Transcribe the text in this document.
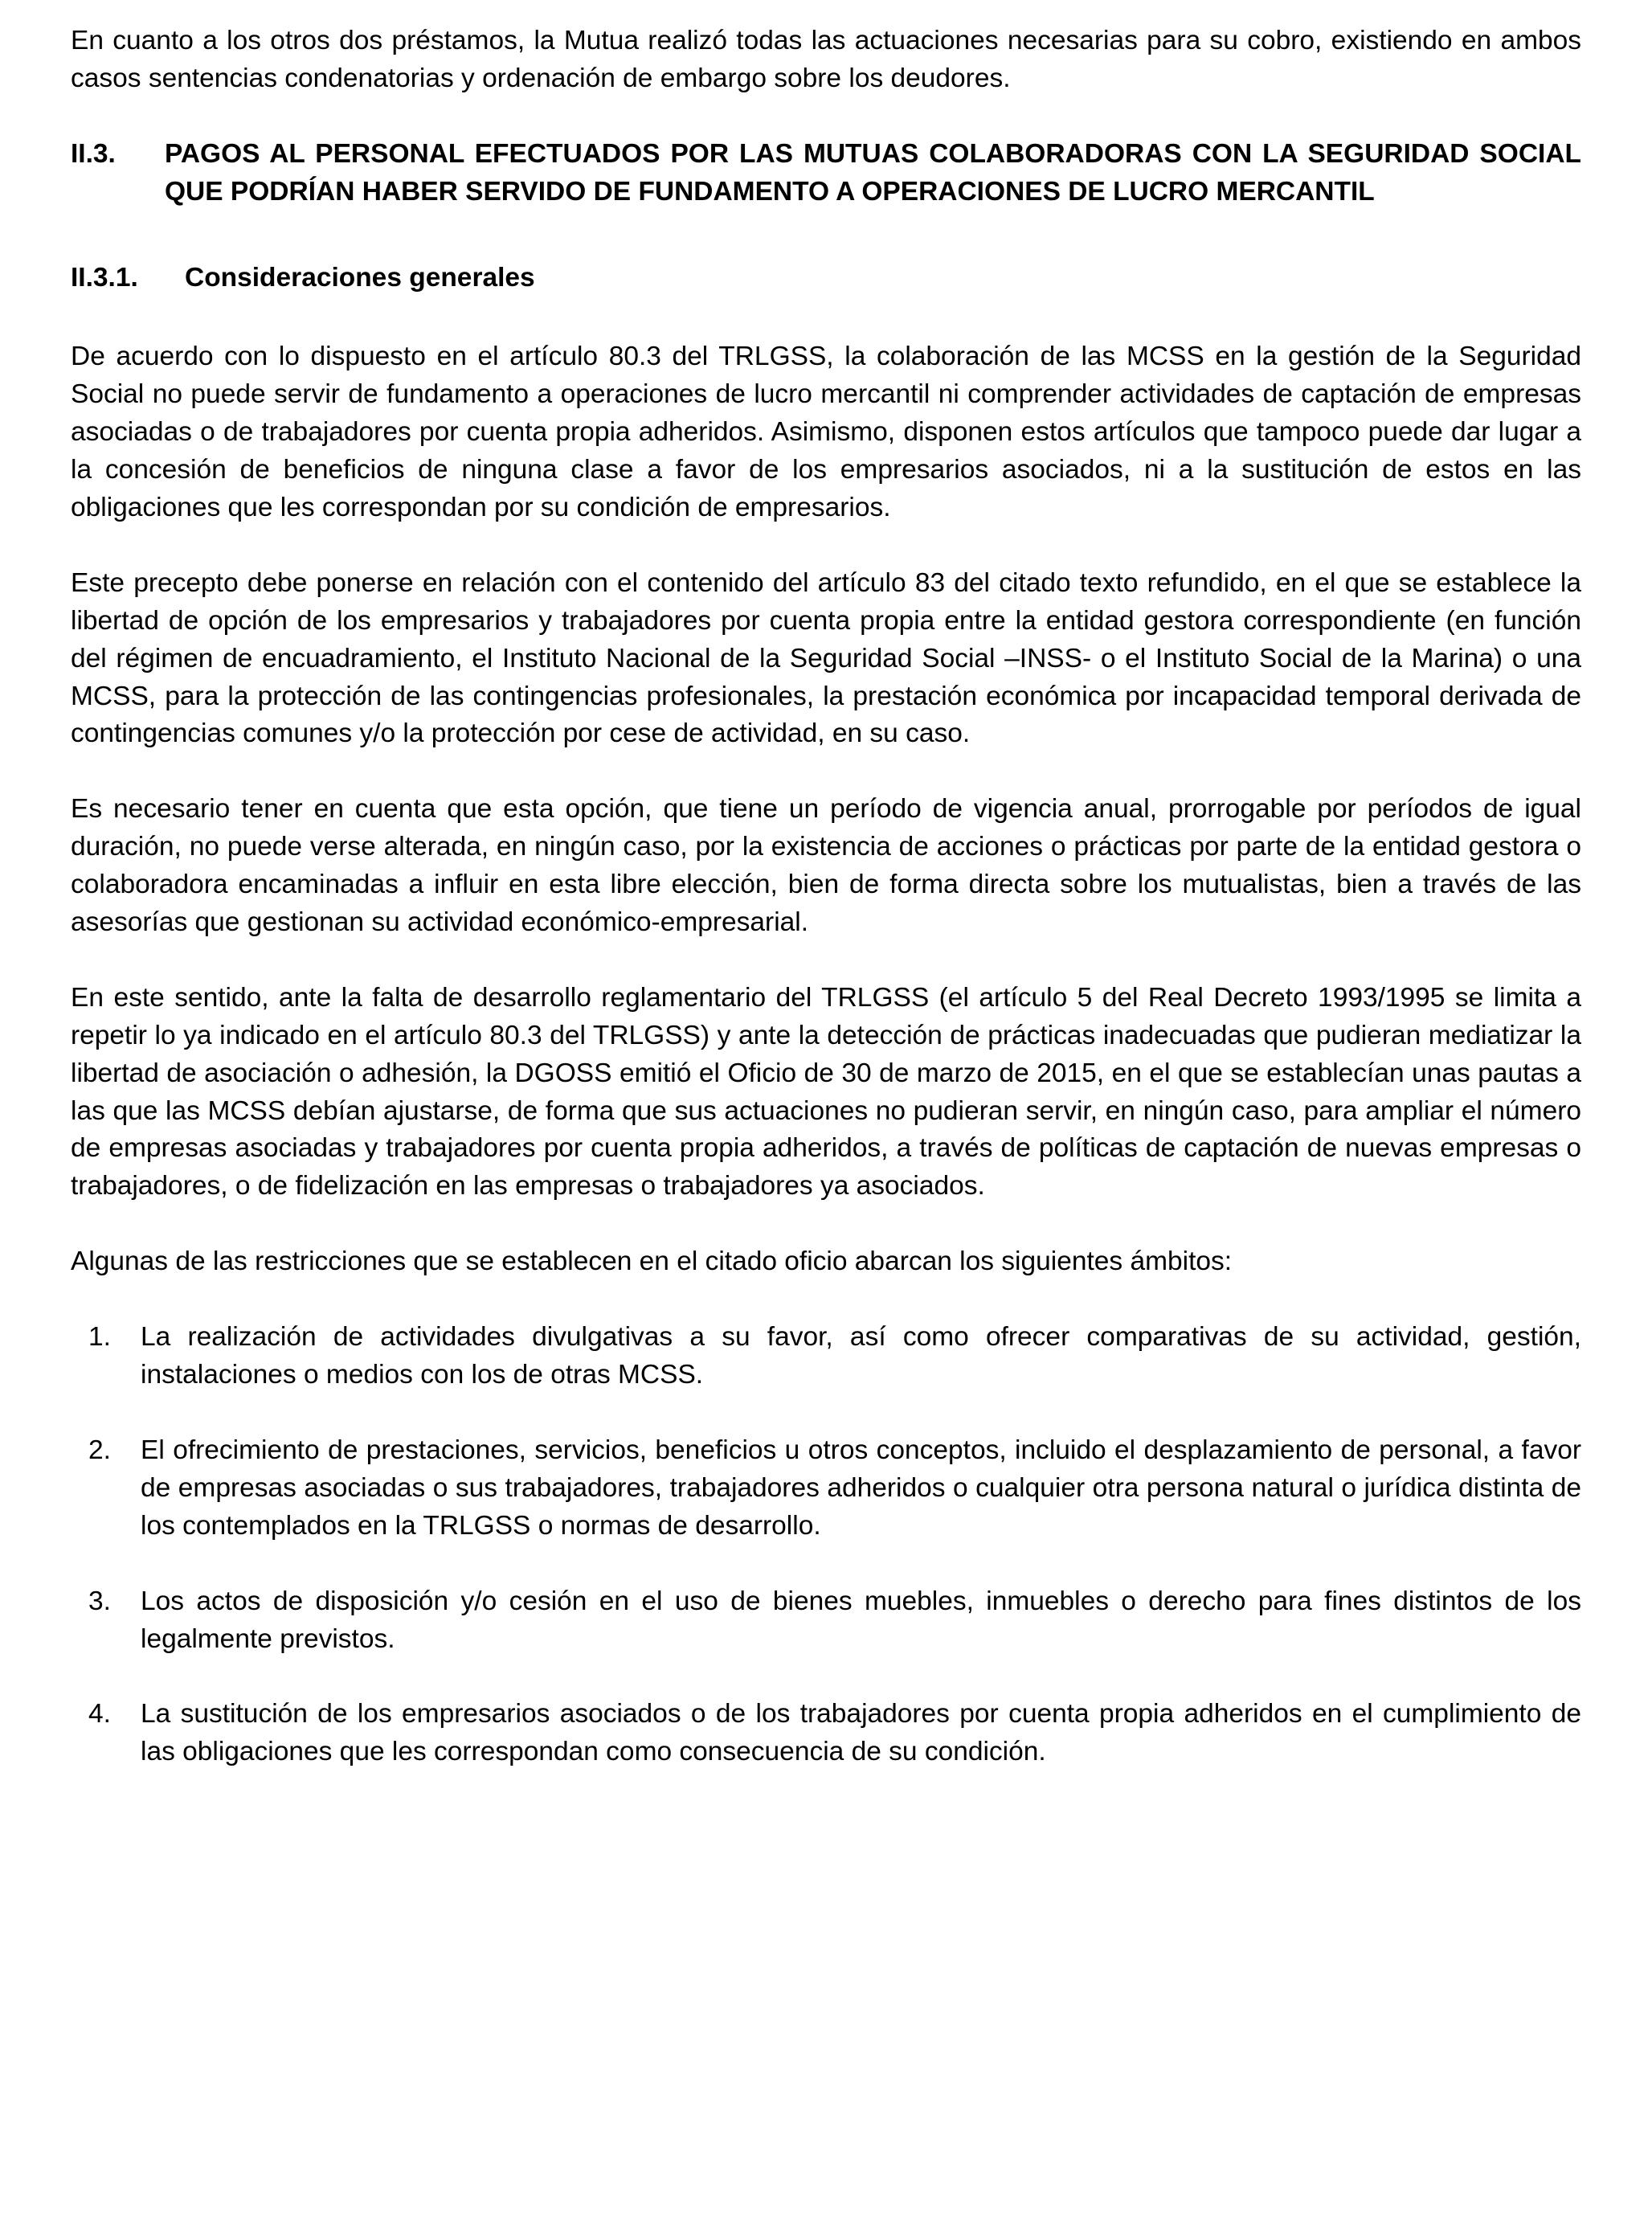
En cuanto a los otros dos préstamos, la Mutua realizó todas las actuaciones necesarias para su cobro, existiendo en ambos casos sentencias condenatorias y ordenación de embargo sobre los deudores.

II.3.	PAGOS AL PERSONAL EFECTUADOS POR LAS MUTUAS COLABORADORAS CON LA SEGURIDAD SOCIAL QUE PODRÍAN HABER SERVIDO DE FUNDAMENTO A OPERACIONES DE LUCRO MERCANTIL
II.3.1.	Consideraciones generales

De acuerdo con lo dispuesto en el artículo 80.3 del TRLGSS, la colaboración de las MCSS en la gestión de la Seguridad Social no puede servir de fundamento a operaciones de lucro mercantil ni comprender actividades de captación de empresas asociadas o de trabajadores por cuenta propia adheridos. Asimismo, disponen estos artículos que tampoco puede dar lugar a la concesión de beneficios de ninguna clase a favor de los empresarios asociados, ni a la sustitución de estos en las obligaciones que les correspondan por su condición de empresarios.

Este precepto debe ponerse en relación con el contenido del artículo 83 del citado texto refundido, en el que se establece la libertad de opción de los empresarios y trabajadores por cuenta propia entre la entidad gestora correspondiente (en función del régimen de encuadramiento, el Instituto Nacional de la Seguridad Social –INSS- o el Instituto Social de la Marina) o una MCSS, para la protección de las contingencias profesionales, la prestación económica por incapacidad temporal derivada de contingencias comunes y/o la protección por cese de actividad, en su caso.

Es necesario tener en cuenta que esta opción, que tiene un período de vigencia anual, prorrogable por períodos de igual duración, no puede verse alterada, en ningún caso, por la existencia de acciones o prácticas por parte de la entidad gestora o colaboradora encaminadas a influir en esta libre elección, bien de forma directa sobre los mutualistas, bien a través de las asesorías que gestionan su actividad económico-empresarial.

En este sentido, ante la falta de desarrollo reglamentario del TRLGSS (el artículo 5 del Real Decreto 1993/1995 se limita a repetir lo ya indicado en el artículo 80.3 del TRLGSS) y ante la detección de prácticas inadecuadas que pudieran mediatizar la libertad de asociación o adhesión, la DGOSS emitió el Oficio de 30 de marzo de 2015, en el que se establecían unas pautas a las que las MCSS debían ajustarse, de forma que sus actuaciones no pudieran servir, en ningún caso, para ampliar el número de empresas asociadas y trabajadores por cuenta propia adheridos, a través de políticas de captación de nuevas empresas o trabajadores, o de fidelización en las empresas o trabajadores ya asociados.

Algunas de las restricciones que se establecen en el citado oficio abarcan los siguientes ámbitos:

1.	La realización de actividades divulgativas a su favor, así como ofrecer comparativas de su actividad, gestión, instalaciones o medios con los de otras MCSS.
2.	El ofrecimiento de prestaciones, servicios, beneficios u otros conceptos, incluido el desplazamiento de personal, a favor de empresas asociadas o sus trabajadores, trabajadores adheridos o cualquier otra persona natural o jurídica distinta de los contemplados en la TRLGSS o normas de desarrollo.
3.	Los actos de disposición y/o cesión en el uso de bienes muebles, inmuebles o derecho para fines distintos de los legalmente previstos.
4.	La sustitución de los empresarios asociados o de los trabajadores por cuenta propia adheridos en el cumplimiento de las obligaciones que les correspondan como consecuencia de su condición.
